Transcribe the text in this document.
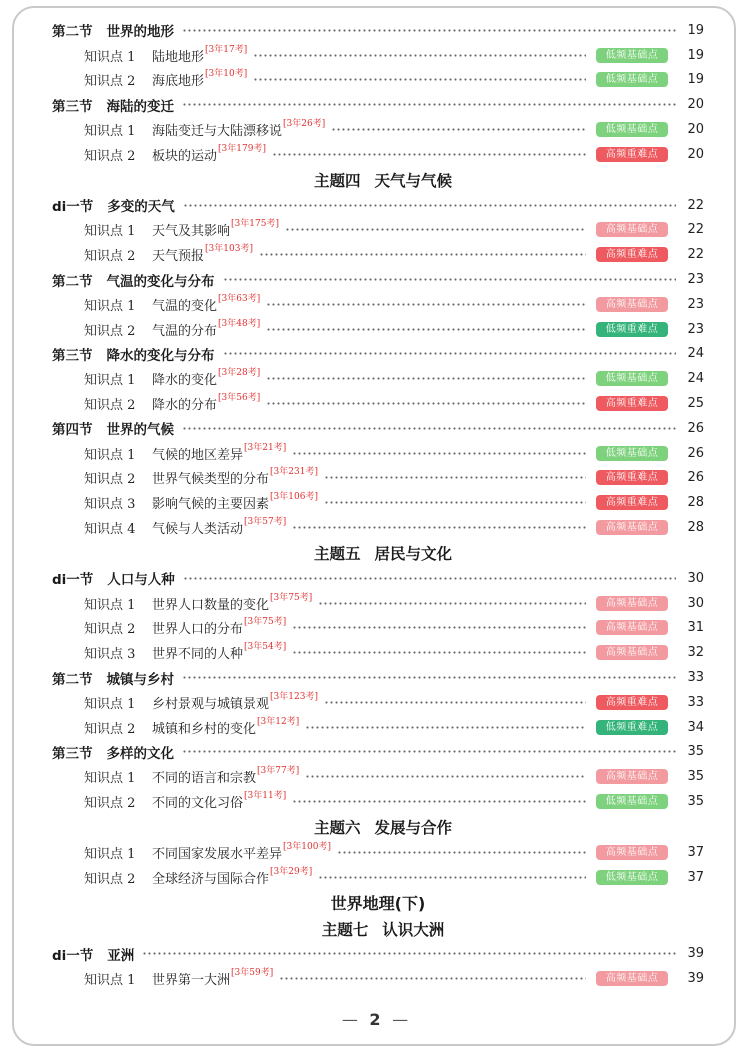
第二节 世界的地形	19
知识点 1	陆地地形 [3年17考]	低频基础点	19
知识点 2	海底地形 [3年10考]	低频基础点	19
第三节 海陆的变迁	20
知识点 1	海陆变迁与大陆漂移说 [3年26考]	低频基础点	20
知识点 2	板块的运动 [3年179考]	高频重难点	20
主题四 天气与气候
di一节 多变的天气	22
知识点 1	天气及其影响 [3年175考]	高频基础点	22
知识点 2	天气预报 [3年103考]	高频重难点	22
第二节 气温的变化与分布	23
知识点 1	气温的变化 [3年63考]	高频基础点	23
知识点 2	气温的分布 [3年48考]	低频重难点	23
第三节 降水的变化与分布	24
知识点 1	降水的变化 [3年28考]	低频基础点	24
知识点 2	降水的分布 [3年56考]	高频重难点	25
第四节 世界的气候	26
知识点 1	气候的地区差异 [3年21考]	低频基础点	26
知识点 2	世界气候类型的分布 [3年231考]	高频重难点	26
知识点 3	影响气候的主要因素 [3年106考]	高频重难点	28
知识点 4	气候与人类活动 [3年57考]	高频基础点	28
主题五 居民与文化
di一节 人口与人种	30
知识点 1	世界人口数量的变化 [3年75考]	高频基础点	30
知识点 2	世界人口的分布 [3年75考]	高频基础点	31
知识点 3	世界不同的人种 [3年54考]	高频基础点	32
第二节 城镇与乡村	33
知识点 1	乡村景观与城镇景观 [3年123考]	高频重难点	33
知识点 2	城镇和乡村的变化 [3年12考]	低频重难点	34
第三节 多样的文化	35
知识点 1	不同的语言和宗教 [3年77考]	高频基础点	35
知识点 2	不同的文化习俗 [3年11考]	低频基础点	35
主题六 发展与合作
知识点 1	不同国家发展水平差异 [3年100考]	高频基础点	37
知识点 2	全球经济与国际合作 [3年29考]	低频基础点	37
世界地理(下)
主题七 认识大洲
di一节 亚洲	39
知识点 1	世界第一大洲 [3年59考]	高频基础点	39
— 2 —
